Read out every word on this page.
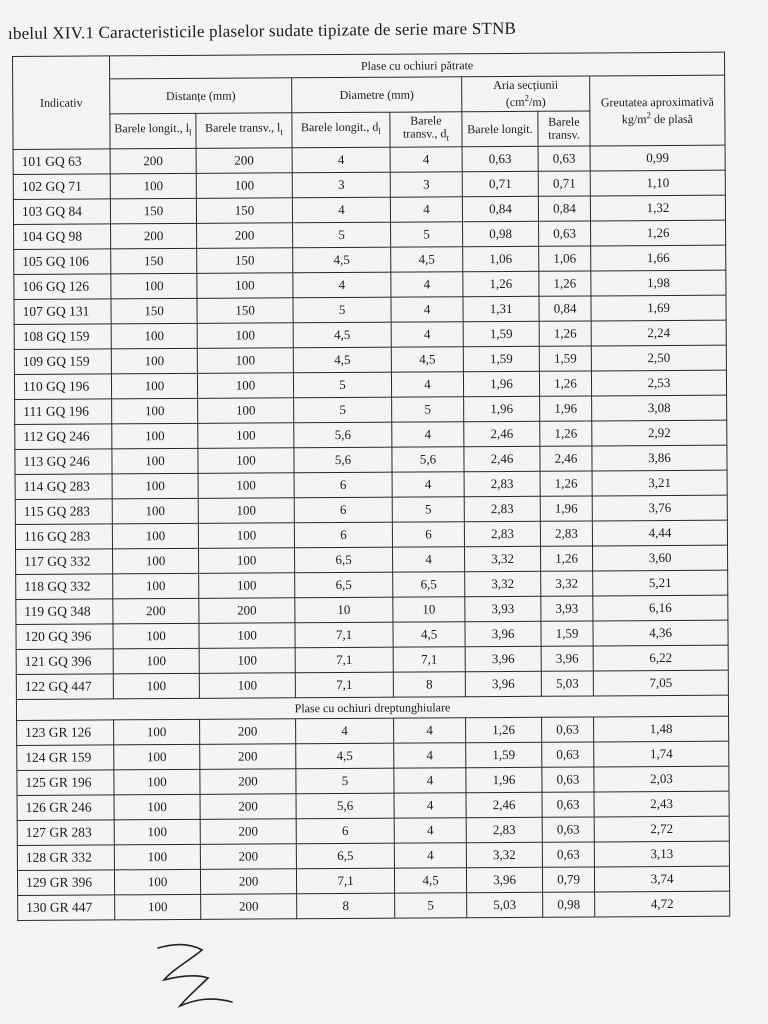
ıbelul XIV.1 Caracteristicile plaselor sudate tipizate de serie mare STNB
Indicativ	Plase cu ochiuri pătrate						
	Distanțe (mm)		Diametre (mm)		Aria secțiunii
$(cm^2/m)$		Greutatea aproximativă
$kg/m^2$ de plasă
	Barele longit., $l_l$	Barele transv., $l_t$	Barele longit., $d_l$	Barele transv., $d_t$	Barele longit.	Barele transv.	
101 GQ 63	200	200	4	4	0,63	0,63	0,99
102 GQ 71	100	100	3	3	0,71	0,71	1,10
103 GQ 84	150	150	4	4	0,84	0,84	1,32
104 GQ 98	200	200	5	5	0,98	0,63	1,26
105 GQ 106	150	150	4,5	4,5	1,06	1,06	1,66
106 GQ 126	100	100	4	4	1,26	1,26	1,98
107 GQ 131	150	150	5	4	1,31	0,84	1,69
108 GQ 159	100	100	4,5	4	1,59	1,26	2,24
109 GQ 159	100	100	4,5	4,5	1,59	1,59	2,50
110 GQ 196	100	100	5	4	1,96	1,26	2,53
111 GQ 196	100	100	5	5	1,96	1,96	3,08
112 GQ 246	100	100	5,6	4	2,46	1,26	2,92
113 GQ 246	100	100	5,6	5,6	2,46	2,46	3,86
114 GQ 283	100	100	6	4	2,83	1,26	3,21
115 GQ 283	100	100	6	5	2,83	1,96	3,76
116 GQ 283	100	100	6	6	2,83	2,83	4,44
117 GQ 332	100	100	6,5	4	3,32	1,26	3,60
118 GQ 332	100	100	6,5	6,5	3,32	3,32	5,21
119 GQ 348	200	200	10	10	3,93	3,93	6,16
120 GQ 396	100	100	7,1	4,5	3,96	1,59	4,36
121 GQ 396	100	100	7,1	7,1	3,96	3,96	6,22
122 GQ 447	100	100	7,1	8	3,96	5,03	7,05
Plase cu ochiuri dreptunghiulare							
123 GR 126	100	200	4	4	1,26	0,63	1,48
124 GR 159	100	200	4,5	4	1,59	0,63	1,74
125 GR 196	100	200	5	4	1,96	0,63	2,03
126 GR 246	100	200	5,6	4	2,46	0,63	2,43
127 GR 283	100	200	6	4	2,83	0,63	2,72
128 GR 332	100	200	6,5	4	3,32	0,63	3,13
129 GR 396	100	200	7,1	4,5	3,96	0,79	3,74
130 GR 447	100	200	8	5	5,03	0,98	4,72
